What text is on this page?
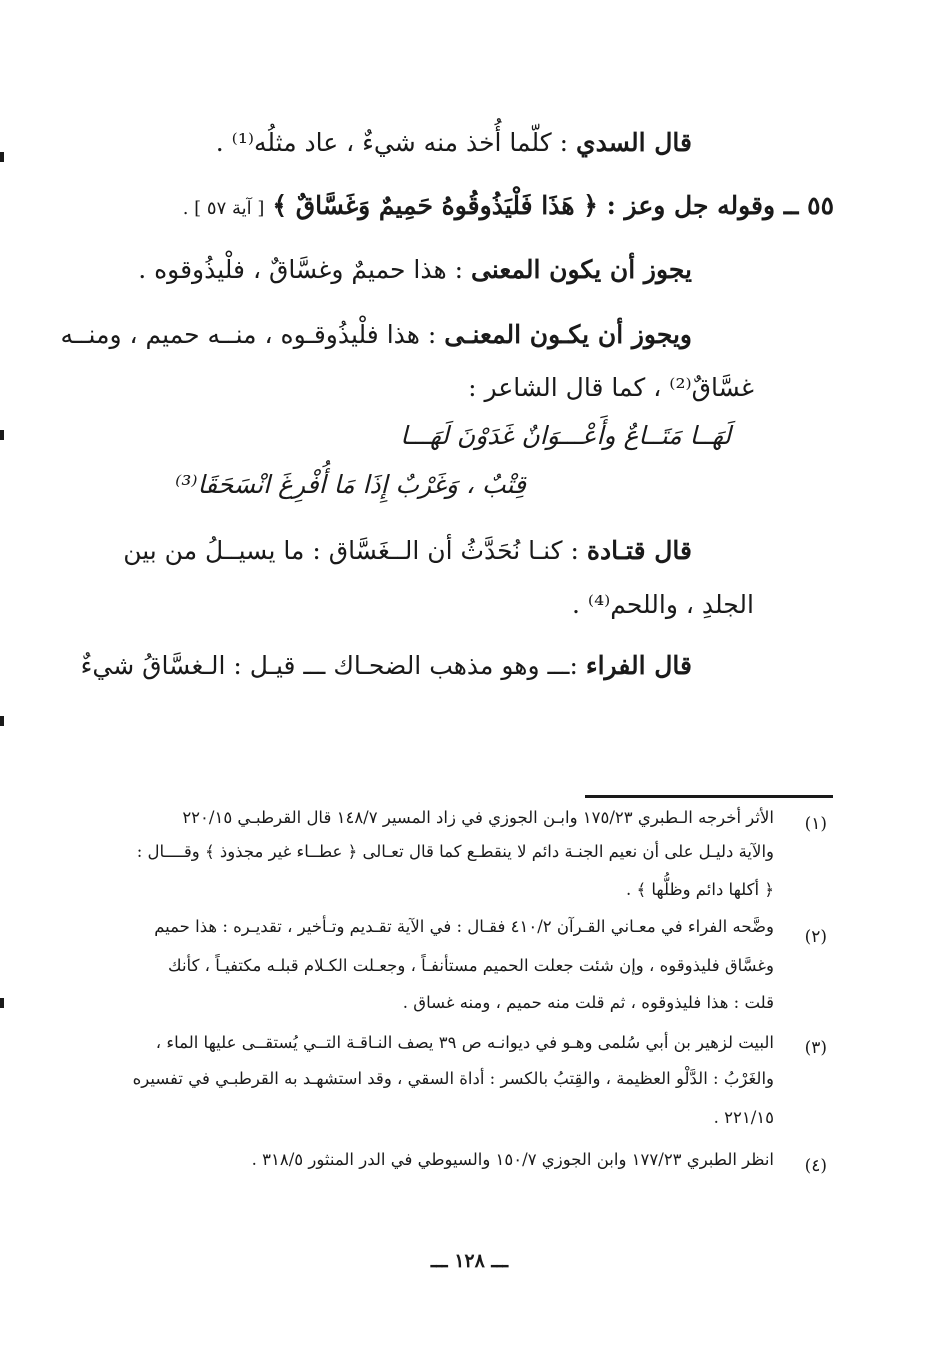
قال السدي : كلّما أُخذ منه شيءٌ ، عاد مثلُه⁽¹⁾ .
٥٥ ــ وقوله جل وعز : ﴿ هَذَا فَلْيَذُوقُوهُ حَمِيمٌ وَغَسَّاقٌ ﴾ [ آية ٥٧ ] .
يجوز أن يكون المعنى : هذا حميمٌ وغسَّاقٌ ، فلْيذُوقوه .
ويجوز أن يكـون المعنـى : هذا فلْيذُوقـوه ، منــه حميم ، ومنــه
غسَّاقٌ⁽²⁾ ، كما قال الشاعر :
لَهَــا مَتَــاعٌ وأَعْـــوَانٌ غَدَوْنَ لَهَـــا
قِتْبٌ ، وَغَرْبٌ إِذَا مَا أُفْرِغَ انْسَحَقَا⁽³⁾
قال قتـادة : كنـا نُحَدَّثُ أن الــغَسَّاق : ما يسيــلُ من بين
الجلدِ ، واللحم⁽⁴⁾ .
قال الفراء :ـــ وهو مذهب الضحـاك ـــ قيـل : الـغسَّاقُ شيءٌ
(١)
الأثر أخرجه الـطبري ١٧٥/٢٣ وابـن الجوزي في زاد المسير ١٤٨/٧ قال القرطبـي ٢٢٠/١٥
والآية دليـل على أن نعيم الجنـة دائم لا ينقطـع كما قال تعـالى ﴿ عطــاء غير مجذوذ ﴾ وقــــال :
﴿ أكلها دائم وظلُّها ﴾ .
(٢)
وضَّحه الفراء في معـاني القـرآن ٤١٠/٢ فقـال : في الآية تقـديم وتـأخير ، تقديـره : هذا حميم
وغسَّاق فليذوقوه ، وإن شئت جعلت الحميم مستأنفـاً ، وجعـلت الكـلام قبلـه مكتفيـاً ، كأنك
قلت : هذا فليذوقوه ، ثم قلت منه حميم ، ومنه غساق .
(٣)
البيت لزهير بن أبي سُلمى وهـو في ديوانـه ص ٣٩ يصف النـاقـة التــي يُستقــى عليها الماء ،
والغَرْبُ : الدَّلْو العظيمة ، والقِتبُ بالكسر : أداة السقي ، وقد استشهـد به القرطبـي في تفسيره
٢٢١/١٥ .
(٤)
انظر الطبري ١٧٧/٢٣ وابن الجوزي ١٥٠/٧ والسيوطي في الدر المنثور ٣١٨/٥ .
ـــ ١٢٨ ـــ
